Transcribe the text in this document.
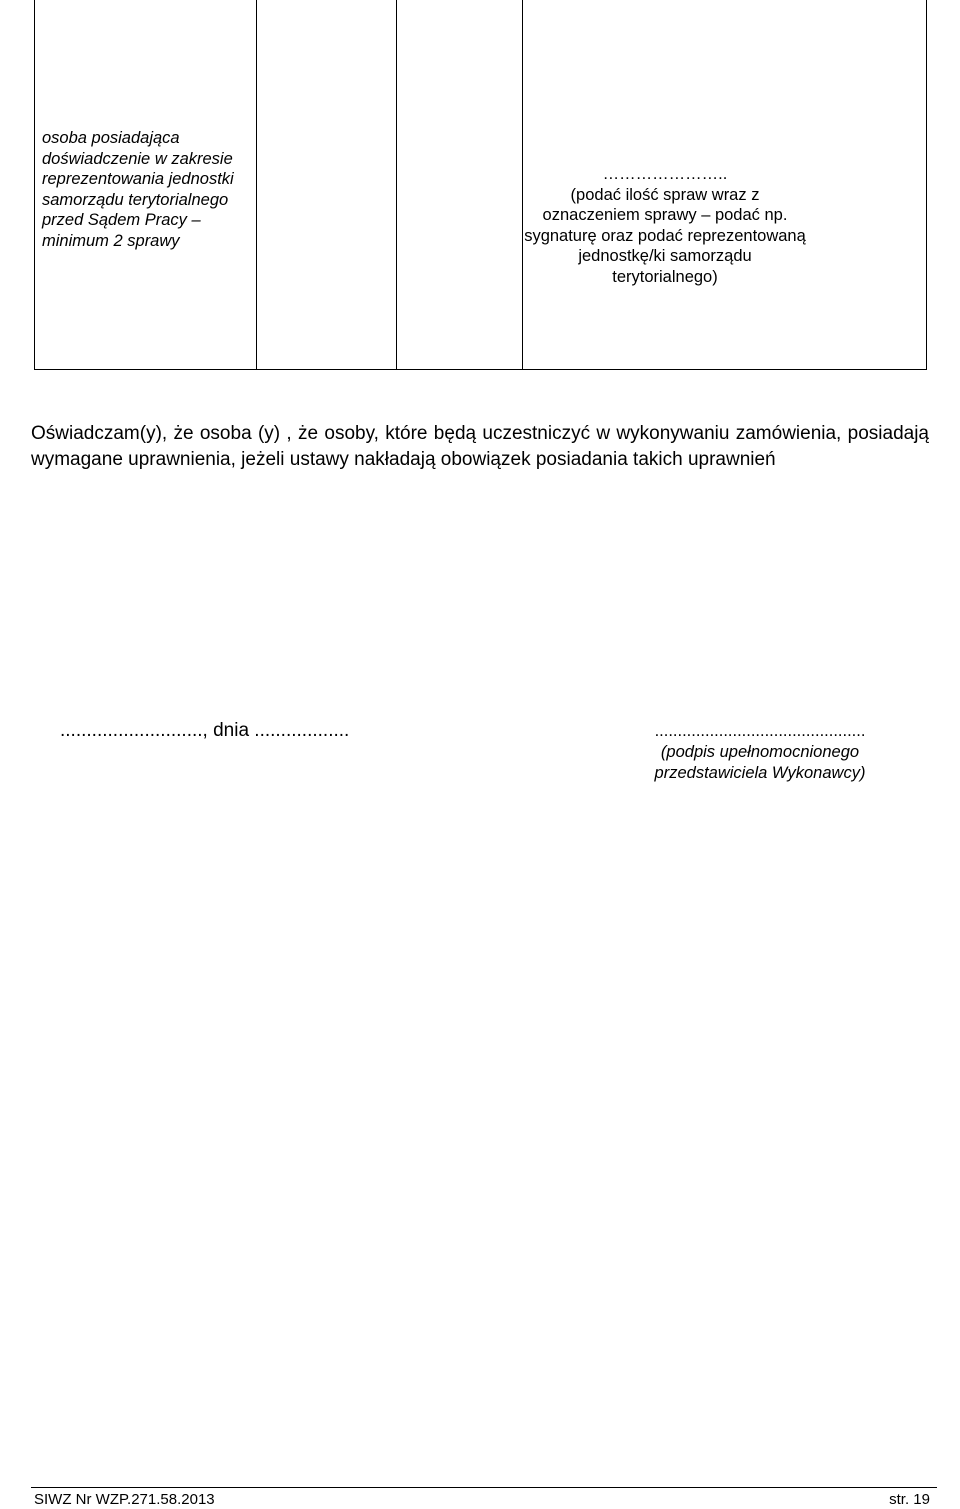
osoba posiadająca doświadczenie w zakresie reprezentowania jednostki samorządu terytorialnego przed Sądem Pracy – minimum 2 sprawy
…………………..
(podać ilość spraw wraz z oznaczeniem sprawy – podać np. sygnaturę oraz podać reprezentowaną jednostkę/ki samorządu terytorialnego)
Oświadczam(y), że osoba (y) , że osoby, które będą uczestniczyć w wykonywaniu zamówienia, posiadają wymagane uprawnienia, jeżeli ustawy nakładają obowiązek posiadania takich uprawnień
..........................., dnia ..................	..............................................
(podpis upełnomocnionego przedstawiciela Wykonawcy)
SIWZ Nr WZP.271.58.2013	str. 19
